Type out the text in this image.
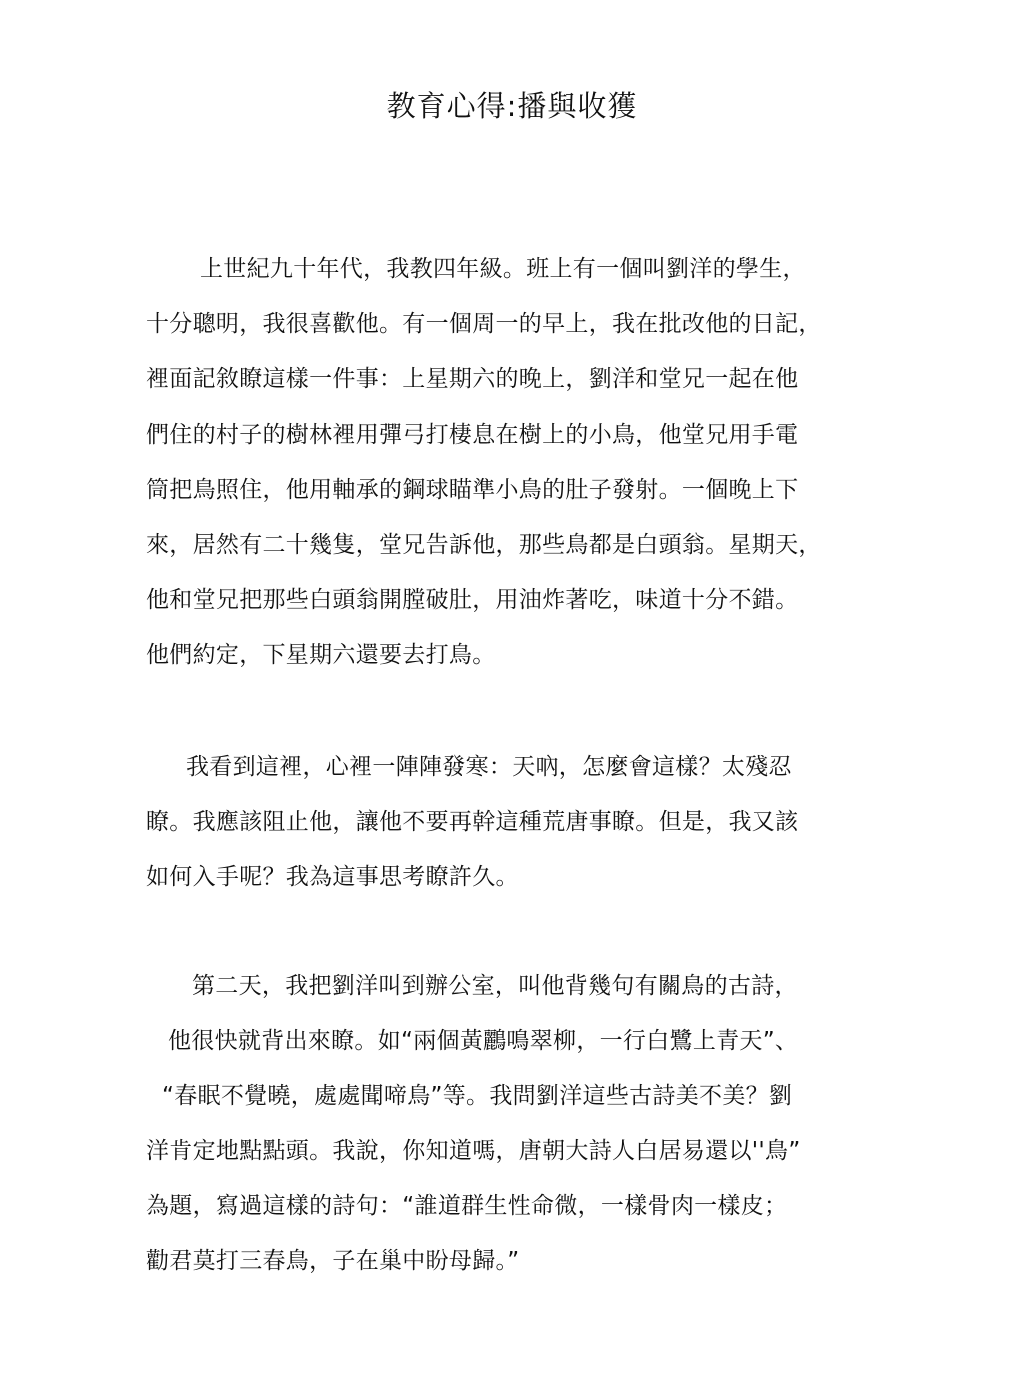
教育心得:播與收獲
上世紀九十年代，我教四年級。班上有一個叫劉洋的學生，
十分聰明，我很喜歡他。有一個周一的早上，我在批改他的日記，
裡面記敘瞭這樣一件事：上星期六的晚上，劉洋和堂兄一起在他
們住的村子的樹林裡用彈弓打棲息在樹上的小鳥，他堂兄用手電
筒把鳥照住，他用軸承的鋼球瞄準小鳥的肚子發射。一個晚上下
來，居然有二十幾隻，堂兄告訴他，那些鳥都是白頭翁。星期天，
他和堂兄把那些白頭翁開膛破肚，用油炸著吃，味道十分不錯。
他們約定，下星期六還要去打鳥。
我看到這裡，心裡一陣陣發寒：天吶，怎麼會這樣？太殘忍
瞭。我應該阻止他，讓他不要再幹這種荒唐事瞭。但是，我又該
如何入手呢？我為這事思考瞭許久。
第二天，我把劉洋叫到辦公室，叫他背幾句有關鳥的古詩，
他很快就背出來瞭。如“兩個黃鸝鳴翠柳，一行白鷺上青天”、
“春眠不覺曉，處處聞啼鳥”等。我問劉洋這些古詩美不美？劉
洋肯定地點點頭。我說，你知道嗎，唐朝大詩人白居易還以''鳥”
為題，寫過這樣的詩句：“誰道群生性命微，一樣骨肉一樣皮；
勸君莫打三春鳥，子在巢中盼母歸。”
